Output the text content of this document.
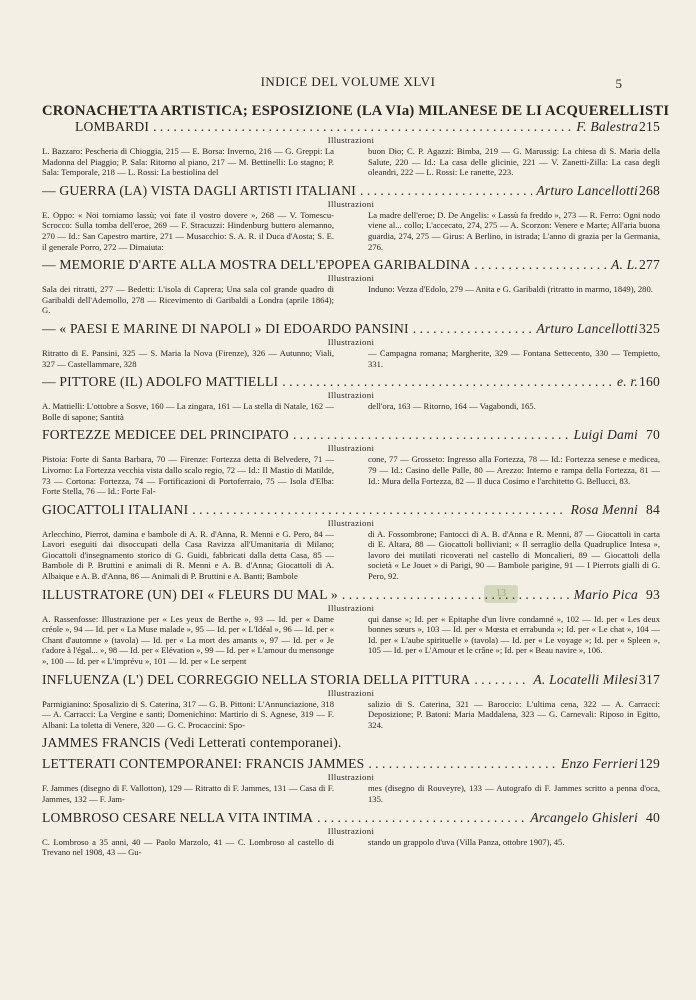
INDICE DEL VOLUME XLVI	5
13
CRONACHETTA ARTISTICA; ESPOSIZIONE (LA VIa) MILANESE DE LI ACQUERELLISTI
LOMBARDI . . .	F. Balestra 215
Illustrazioni
L. Bazzaro: Pescheria di Chioggia, 215 — E. Borsa: Inverno, 216 — G. Greppi: La Madonna del Piaggio; P. Sala: Ritorno al piano, 217 — M. Bettinelli: Lo stagno; P. Sala: Temporale, 218 — L. Rossi: La bestiolina del
buon Dio; C. P. Agazzi: Bimba, 219 — G. Marussig: La chiesa di S. Maria della Salute, 220 — Id.: La casa delle glicinie, 221 — V. Zanetti-Zilla: La casa degli oleandri, 222 — L. Rossi: Le ranette, 223.
— GUERRA (LA) VISTA DAGLI ARTISTI ITALIANI . . .	Arturo Lancellotti 268
Illustrazioni
E. Oppo: « Noi torniamo lassù; voi fate il vostro dovere », 268 — V. Tomescu-Scrocco: Sulla tomba dell'eroe, 269 — F. Stracuzzi: Hindenburg buttero alemanno, 270 — Id.: San Capestro martire, 271 — Musacchio: S. A. R. il Duca d'Aosta; S. E. il generale Porro, 272 — Dimaiuta:
La madre dell'eroe; D. De Angelis: « Lassù fa freddo », 273 — R. Ferro: Ogni nodo viene al... collo; L'accecato, 274, 275 — A. Scorzon: Venere e Marte; All'aria buona guardia, 274, 275 — Girus: A Berlino, in istrada; L'anno di grazia per la Germania, 276.
— MEMORIE D'ARTE ALLA MOSTRA DELL'EPOPEA GARIBALDINA . . .	A. L. 277
Illustrazioni
Sala dei ritratti, 277 — Bedetti: L'isola di Caprera; Una sala col grande quadro di Garibaldi dell'Ademollo, 278 — Ricevimento di Garibaldi a Londra (aprile 1864); G.
Induno: Vezza d'Edolo, 279 — Anita e G. Garibaldi (ritratto in marmo, 1849), 280.
— « PAESI E MARINE DI NAPOLI » DI EDOARDO PANSINI . . .	Arturo Lancellotti 325
Illustrazioni
Ritratto di E. Pansini, 325 — S. Maria la Nova (Firenze), 326 — Autunno; Viali, 327 — Castellammare, 328
— Campagna romana; Margherite, 329 — Fontana Settecento, 330 — Tempietto, 331.
— PITTORE (IL) ADOLFO MATTIELLI . . .	e. r. 160
Illustrazioni
A. Mattielli: L'ottobre a Sosve, 160 — La zingara, 161 — La stella di Natale, 162 — Bolle di sapone; Santità
dell'ora, 163 — Ritorno, 164 — Vagabondi, 165.
FORTEZZE MEDICEE DEL PRINCIPATO . . .	Luigi Dami 70
Illustrazioni
Pistoia: Forte di Santa Barbara, 70 — Firenze: Fortezza detta di Belvedere, 71 — Livorno: La Fortezza vecchia vista dallo scalo regio, 72 — Id.: Il Mastio di Matilde, 73 — Cortona: Fortezza, 74 — Fortificazioni di Portoferraio, 75 — Isola d'Elba: Forte Stella, 76 — Id.: Forte Fal-
cone, 77 — Grosseto: Ingresso alla Fortezza, 78 — Id.: Fortezza senese e medicea, 79 — Id.: Casino delle Palle, 80 — Arezzo: Interno e rampa della Fortezza, 81 — Id.: Mura della Fortezza, 82 — Il duca Cosimo e l'architetto G. Bellucci, 83.
GIOCATTOLI ITALIANI . . .	Rosa Menni 84
Illustrazioni
Arlecchino, Pierrot, damina e bambole di A. R. d'Anna, R. Menni e G. Pero, 84 — Lavori eseguiti dai disoccupati della Casa Ravizza all'Umanitaria di Milano; Giocattoli d'insegnamento storico di G. Guidi, fabbricati dalla detta Casa, 85 — Bambole di P. Bruttini e animali di R. Menni e A. B. d'Anna; Giocattoli di A. Albaique e A. B. d'Anna, 86 — Animali di P. Bruttini e A. Banti; Bambole
di A. Fossombrone; Fantocci di A. B. d'Anna e R. Menni, 87 — Giocattoli in carta di E. Altara, 88 — Giocattoli bolliviani; « Il serraglio della Quadruplice Intesa », lavoro dei mutilati ricoverati nel castello di Moncalieri, 89 — Giocattoli della società « Le Jouet » di Parigi, 90 — Bambole parigine, 91 — I Pierrots gialli di G. Pero, 92.
ILLUSTRATORE (UN) DEI « FLEURS DU MAL » . . .	Mario Pica 93
Illustrazioni
A. Rassenfosse: Illustrazione per « Les yeux de Berthe », 93 — Id. per « Dame créole », 94 — Id. per « La Muse malade », 95 — Id. per « L'Idéal », 96 — Id. per « Chant d'automne » (tavola) — Id. per « La mort des amants », 97 — Id. per « Je t'adore à l'égal... », 98 — Id. per « Elévation », 99 — Id. per « L'amour du mensonge », 100 — Id. per « L'imprévu », 101 — Id. per « Le serpent
qui danse »; Id. per « Epitaphe d'un livre condamné », 102 — Id. per « Les deux bonnes sœurs », 103 — Id. per « Mœsta et errabunda »; Id. per « Le chat », 104 — Id. per « L'aube spirituelle » (tavola) — Id. per « Le voyage »; Id. per « Spleen », 105 — Id. per « L'Amour et le crâne »; Id. per « Beau navire », 106.
INFLUENZA (L') DEL CORREGGIO NELLA STORIA DELLA PITTURA . . .	A. Locatelli Milesi 317
Illustrazioni
Parmigianino: Sposalizio di S. Caterina, 317 — G. B. Pittoni: L'Annunciazione, 318 — A. Carracci: La Vergine e santi; Domenichino: Martirio di S. Agnese, 319 — F. Albani: La toletta di Venere, 320 — G. C. Procaccini: Spo-
salizio di S. Caterina, 321 — Baroccio: L'ultima cena, 322 — A. Carracci: Deposizione; P. Batoni: Maria Maddalena, 323 — G. Carnevali: Riposo in Egitto, 324.
JAMMES FRANCIS (Vedi Letterati contemporanei).
LETTERATI CONTEMPORANEI: FRANCIS JAMMES . . .	Enzo Ferrieri 129
Illustrazioni
F. Jammes (disegno di F. Vallotton), 129 — Ritratto di F. Jammes, 131 — Casa di F. Jammes, 132 — F. Jam-
mes (disegno di Rouveyre), 133 — Autografo di F. Jammes scritto a penna d'oca, 135.
LOMBROSO CESARE NELLA VITA INTIMA . . .	Arcangelo Ghisleri 40
Illustrazioni
C. Lombroso a 35 anni, 40 — Paolo Marzolo, 41 — C. Lombroso al castello di Trevano nel 1908, 43 — Gu-
stando un grappolo d'uva (Villa Panza, ottobre 1907), 45.
